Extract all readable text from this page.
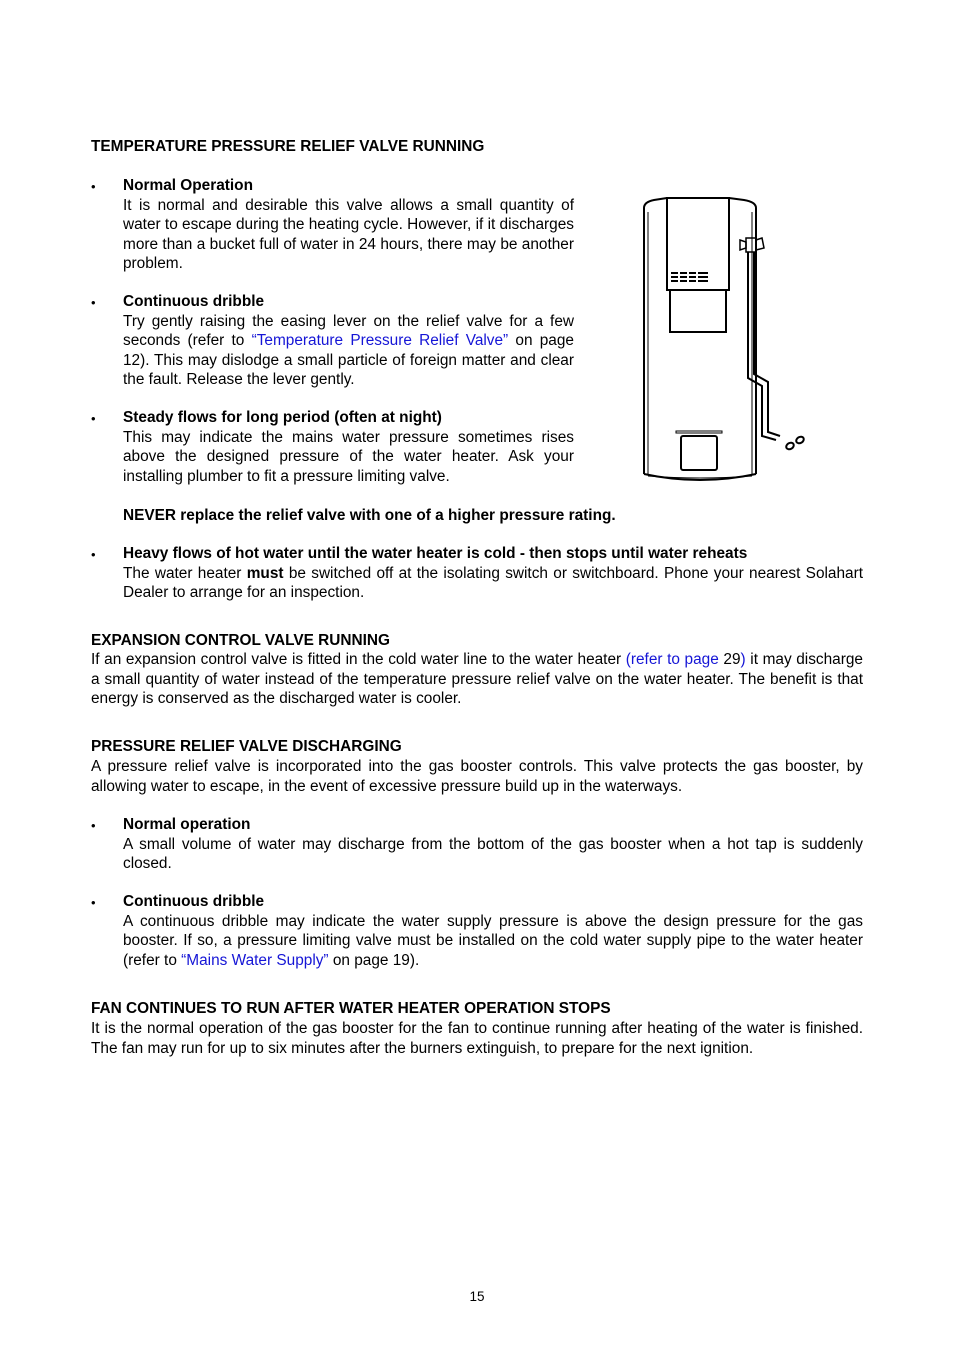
TEMPERATURE PRESSURE RELIEF VALVE RUNNING

• Normal Operation

It is normal and desirable this valve allows a small quantity of water to escape during the heating cycle. However, if it discharges more than a bucket full of water in 24 hours, there may be another problem.

• Continuous dribble

Try gently raising the easing lever on the relief valve for a few seconds (refer to “Temperature Pressure Relief Valve” on page 12). This may dislodge a small particle of foreign matter and clear the fault. Release the lever gently.

• Steady flows for long period (often at night)

This may indicate the mains water pressure sometimes rises above the designed pressure of the water heater. Ask your installing plumber to fit a pressure limiting valve.

NEVER replace the relief valve with one of a higher pressure rating.
• Heavy flows of hot water until the water heater is cold - then stops until water reheats

The water heater must be switched off at the isolating switch or switchboard. Phone your nearest Solahart Dealer to arrange for an inspection.

EXPANSION CONTROL VALVE RUNNING

If an expansion control valve is fitted in the cold water line to the water heater (refer to page 29) it may discharge a small quantity of water instead of the temperature pressure relief valve on the water heater. The benefit is that energy is conserved as the discharged water is cooler.

PRESSURE RELIEF VALVE DISCHARGING

A pressure relief valve is incorporated into the gas booster controls. This valve protects the gas booster, by allowing water to escape, in the event of excessive pressure build up in the waterways.

• Normal operation

A small volume of water may discharge from the bottom of the gas booster when a hot tap is suddenly closed.

• Continuous dribble

A continuous dribble may indicate the water supply pressure is above the design pressure for the gas booster. If so, a pressure limiting valve must be installed on the cold water supply pipe to the water heater (refer to “Mains Water Supply” on page 19).

FAN CONTINUES TO RUN AFTER WATER HEATER OPERATION STOPS

It is the normal operation of the gas booster for the fan to continue running after heating of the water is finished. The fan may run for up to six minutes after the burners extinguish, to prepare for the next ignition.

15
